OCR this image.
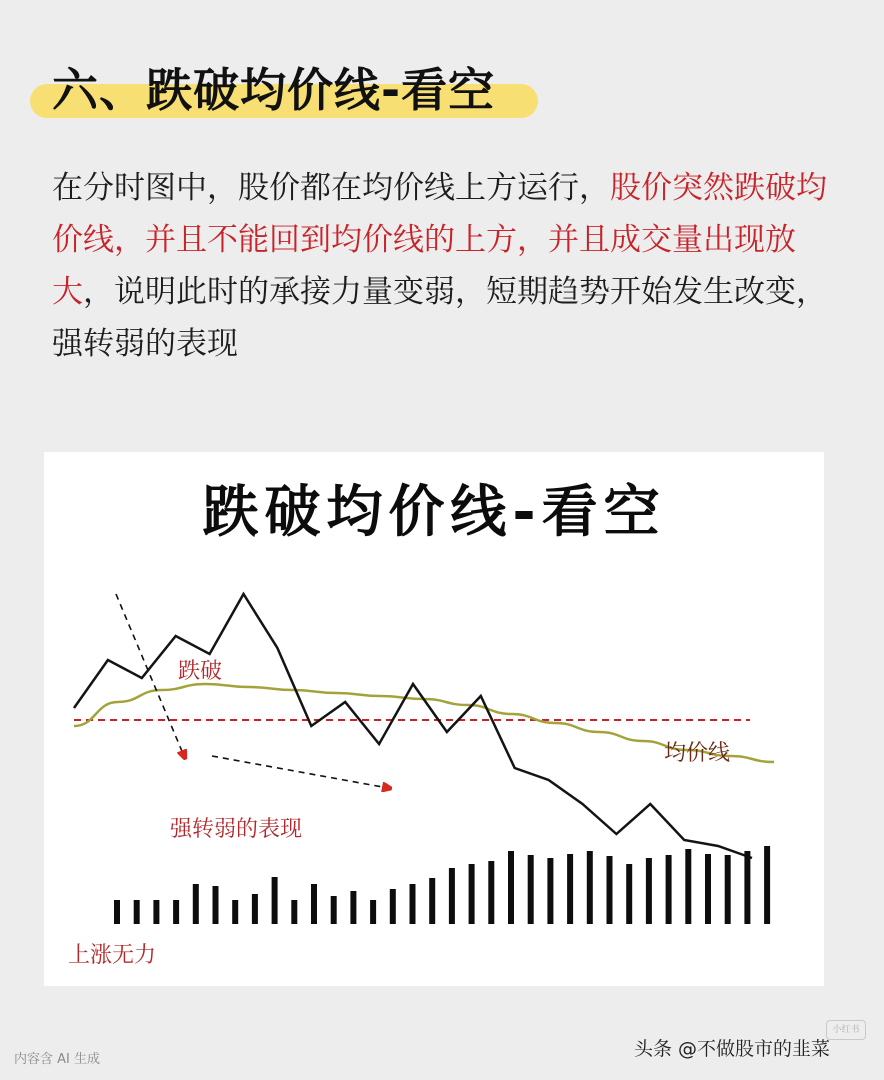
六、跌破均价线-看空
在分时图中，股价都在均价线上方运行，股价突然跌破均价线，并且不能回到均价线的上方，并且成交量出现放大，说明此时的承接力量变弱，短期趋势开始发生改变，强转弱的表现
跌破均价线-看空
跌破
均价线
强转弱的表现
上涨无力
内容含 AI 生成	头条 @不做股市的韭菜
小红书
